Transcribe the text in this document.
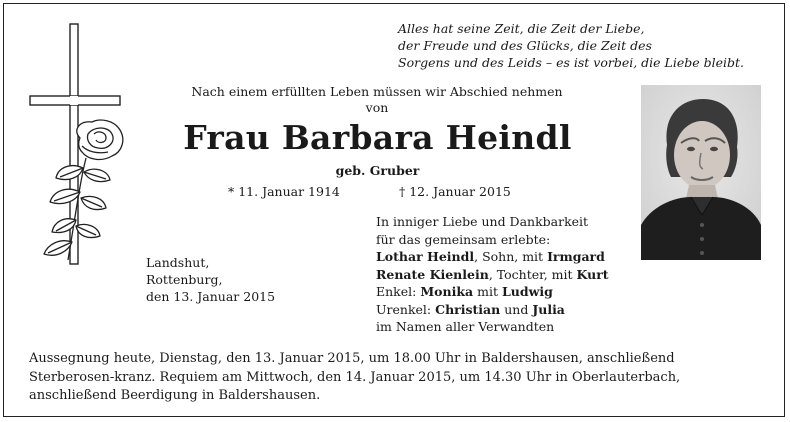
Alles hat seine Zeit, die Zeit der Liebe,
der Freude und des Glücks, die Zeit des
Sorgens und des Leids – es ist vorbei, die Liebe bleibt.
Nach einem erfüllten Leben müssen wir Abschied nehmen
von
Frau Barbara Heindl
geb. Gruber
* 11. Januar 1914	† 12. Januar 2015
Landshut,
Rottenburg,
den 13. Januar 2015
In inniger Liebe und Dankbarkeit
für das gemeinsam erlebte:
Lothar Heindl, Sohn, mit Irmgard
Renate Kienlein, Tochter, mit Kurt
Enkel: Monika mit Ludwig
Urenkel: Christian und Julia
im Namen aller Verwandten
Aussegnung heute, Dienstag, den 13. Januar 2015, um 18.00 Uhr in Baldershausen, anschließend Sterberosen-kranz. Requiem am Mittwoch, den 14. Januar 2015, um 14.30 Uhr in Oberlauterbach, anschließend Beerdigung in Baldershausen.
